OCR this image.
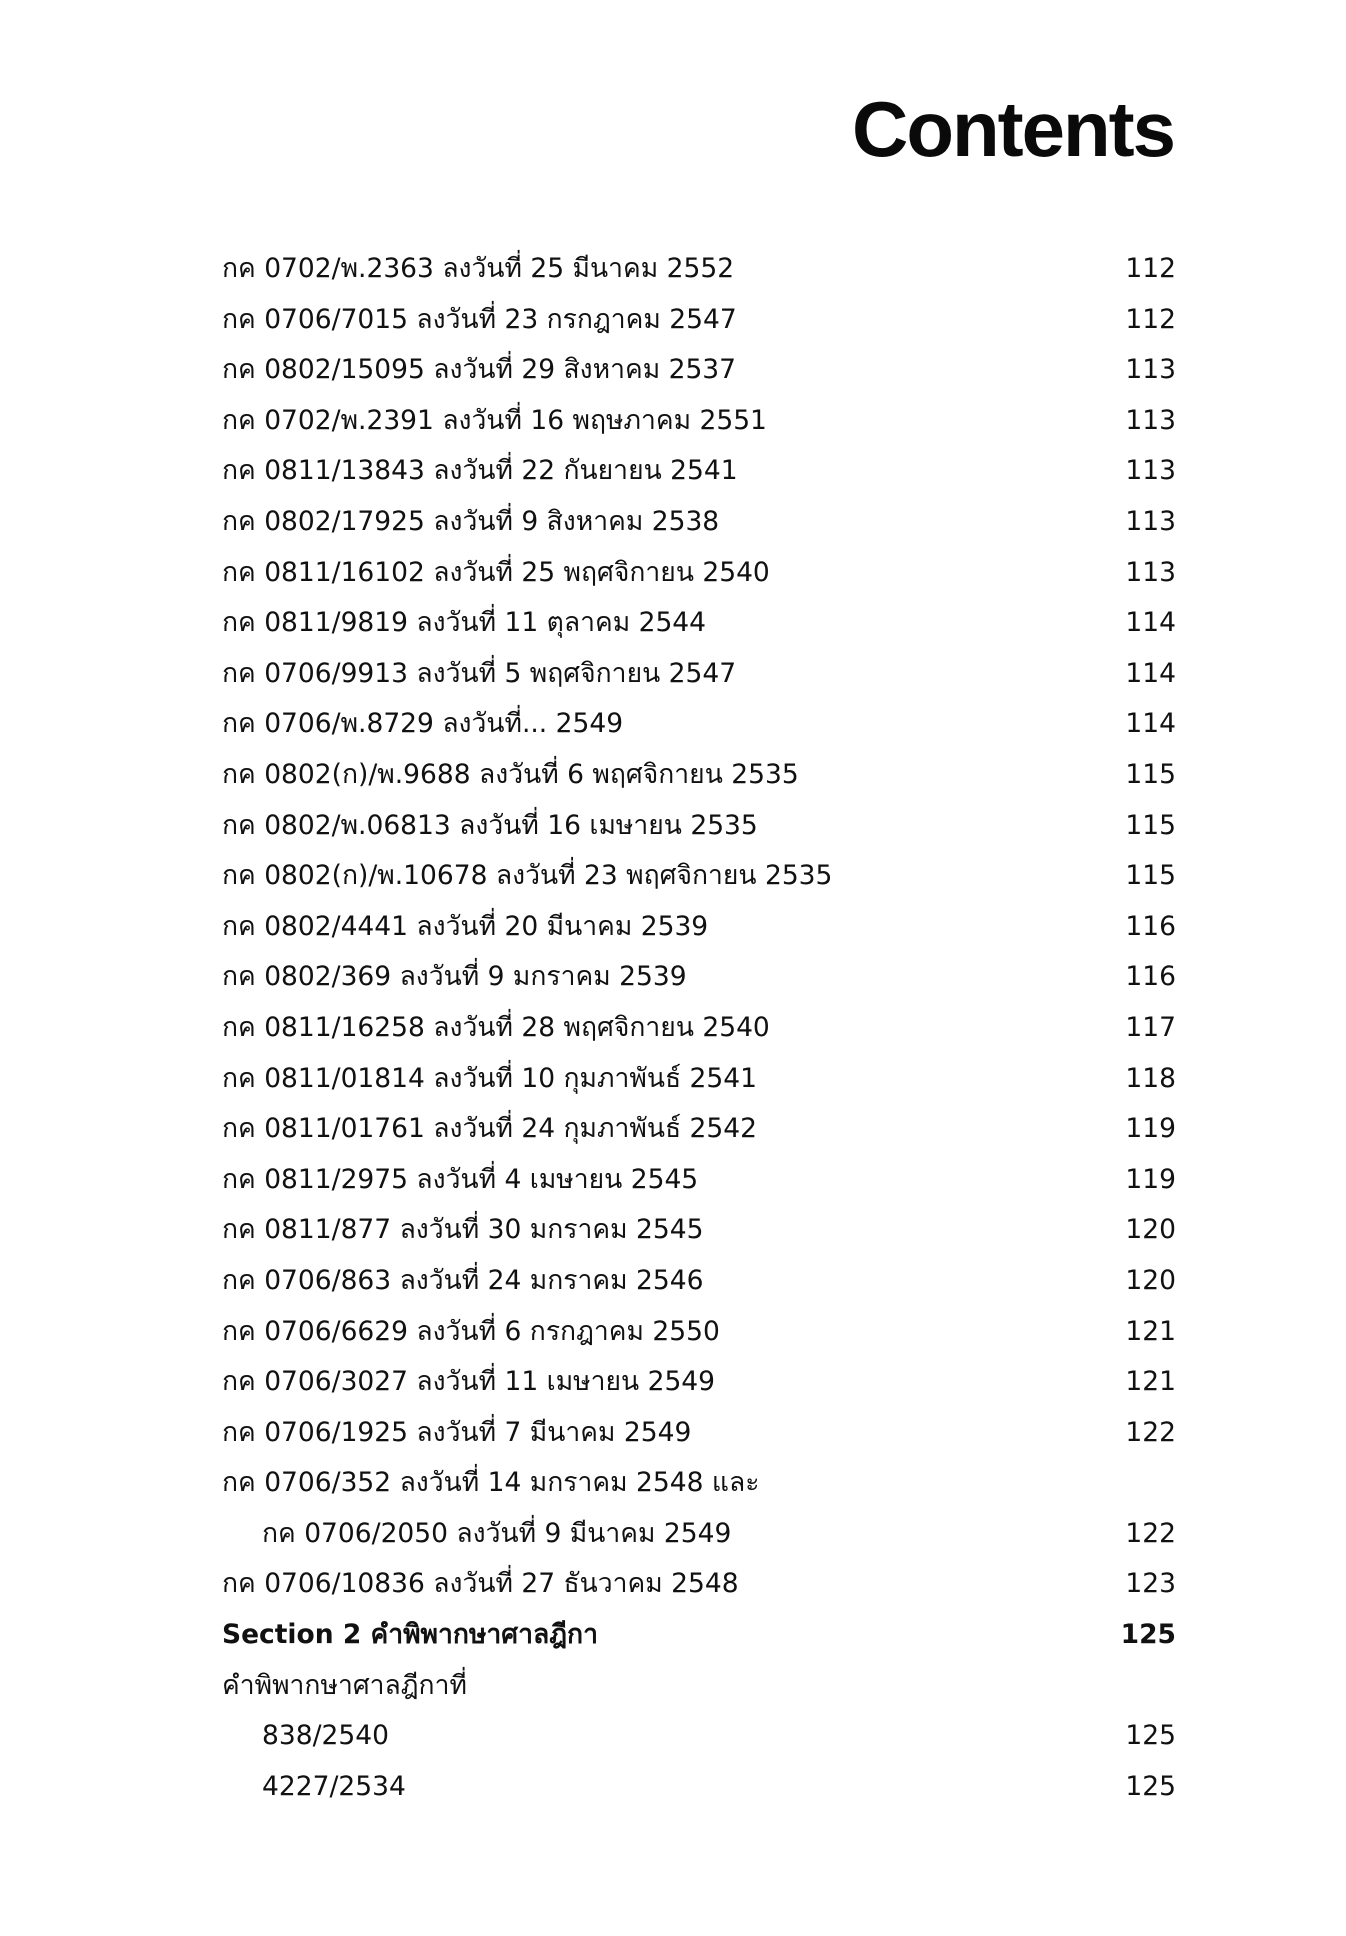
Contents
กค 0702/พ.2363 ลงวันที่ 25 มีนาคม 2552	112
กค 0706/7015 ลงวันที่ 23 กรกฎาคม 2547	112
กค 0802/15095 ลงวันที่ 29 สิงหาคม 2537	113
กค 0702/พ.2391 ลงวันที่ 16 พฤษภาคม 2551	113
กค 0811/13843 ลงวันที่ 22 กันยายน 2541	113
กค 0802/17925 ลงวันที่ 9 สิงหาคม 2538	113
กค 0811/16102 ลงวันที่ 25 พฤศจิกายน 2540	113
กค 0811/9819 ลงวันที่ 11 ตุลาคม 2544	114
กค 0706/9913 ลงวันที่ 5 พฤศจิกายน 2547	114
กค 0706/พ.8729 ลงวันที่... 2549	114
กค 0802(ก)/พ.9688 ลงวันที่ 6 พฤศจิกายน 2535	115
กค 0802/พ.06813 ลงวันที่ 16 เมษายน 2535	115
กค 0802(ก)/พ.10678 ลงวันที่ 23 พฤศจิกายน 2535	115
กค 0802/4441 ลงวันที่ 20 มีนาคม 2539	116
กค 0802/369 ลงวันที่ 9 มกราคม 2539	116
กค 0811/16258 ลงวันที่ 28 พฤศจิกายน 2540	117
กค 0811/01814 ลงวันที่ 10 กุมภาพันธ์ 2541	118
กค 0811/01761 ลงวันที่ 24 กุมภาพันธ์ 2542	119
กค 0811/2975 ลงวันที่ 4 เมษายน 2545	119
กค 0811/877 ลงวันที่ 30 มกราคม 2545	120
กค 0706/863 ลงวันที่ 24 มกราคม 2546	120
กค 0706/6629 ลงวันที่ 6 กรกฎาคม 2550	121
กค 0706/3027 ลงวันที่ 11 เมษายน 2549	121
กค 0706/1925 ลงวันที่ 7 มีนาคม 2549	122
กค 0706/352 ลงวันที่ 14 มกราคม 2548 และ
กค 0706/2050 ลงวันที่ 9 มีนาคม 2549	122
กค 0706/10836 ลงวันที่ 27 ธันวาคม 2548	123
Section 2 คำพิพากษาศาลฎีกา	125
คำพิพากษาศาลฎีกาที่
838/2540	125
4227/2534	125
